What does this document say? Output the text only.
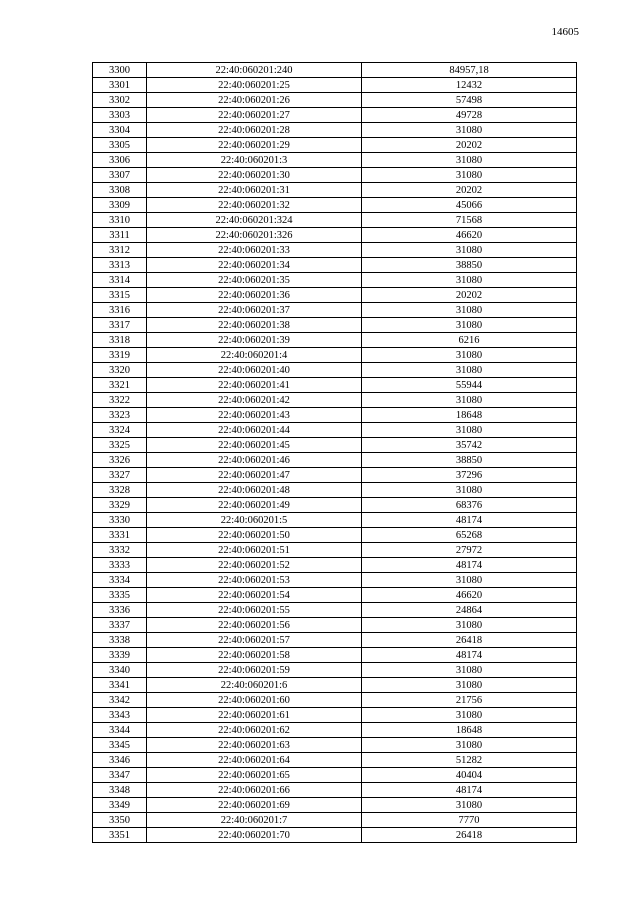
14605
3300	22:40:060201:240	84957,18
3301	22:40:060201:25	12432
3302	22:40:060201:26	57498
3303	22:40:060201:27	49728
3304	22:40:060201:28	31080
3305	22:40:060201:29	20202
3306	22:40:060201:3	31080
3307	22:40:060201:30	31080
3308	22:40:060201:31	20202
3309	22:40:060201:32	45066
3310	22:40:060201:324	71568
3311	22:40:060201:326	46620
3312	22:40:060201:33	31080
3313	22:40:060201:34	38850
3314	22:40:060201:35	31080
3315	22:40:060201:36	20202
3316	22:40:060201:37	31080
3317	22:40:060201:38	31080
3318	22:40:060201:39	6216
3319	22:40:060201:4	31080
3320	22:40:060201:40	31080
3321	22:40:060201:41	55944
3322	22:40:060201:42	31080
3323	22:40:060201:43	18648
3324	22:40:060201:44	31080
3325	22:40:060201:45	35742
3326	22:40:060201:46	38850
3327	22:40:060201:47	37296
3328	22:40:060201:48	31080
3329	22:40:060201:49	68376
3330	22:40:060201:5	48174
3331	22:40:060201:50	65268
3332	22:40:060201:51	27972
3333	22:40:060201:52	48174
3334	22:40:060201:53	31080
3335	22:40:060201:54	46620
3336	22:40:060201:55	24864
3337	22:40:060201:56	31080
3338	22:40:060201:57	26418
3339	22:40:060201:58	48174
3340	22:40:060201:59	31080
3341	22:40:060201:6	31080
3342	22:40:060201:60	21756
3343	22:40:060201:61	31080
3344	22:40:060201:62	18648
3345	22:40:060201:63	31080
3346	22:40:060201:64	51282
3347	22:40:060201:65	40404
3348	22:40:060201:66	48174
3349	22:40:060201:69	31080
3350	22:40:060201:7	7770
3351	22:40:060201:70	26418
